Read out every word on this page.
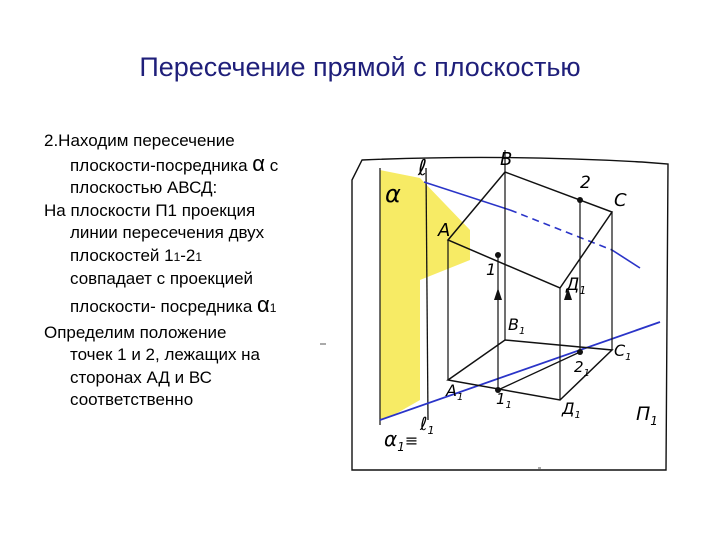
Пересечение прямой с плоскостью

2.Находим пересечение
плоскости-посредника α с
плоскостью АВСД:

На плоскости П1 проекция
линии пересечения двух
плоскостей 11-21
совпадает с проекцией
плоскости- посредника α1

Определим положение
точек 1 и 2, лежащих на
сторонах АД и ВС
соответственно

ℓ	B
2
C
α
A
1
$Д_1$
$B_1$
$C_1$
$2_1$
$A_1$ $1_1$	$Д_1$	$П_1$
$\alpha_1^\equiv$
ℓ$_1$
